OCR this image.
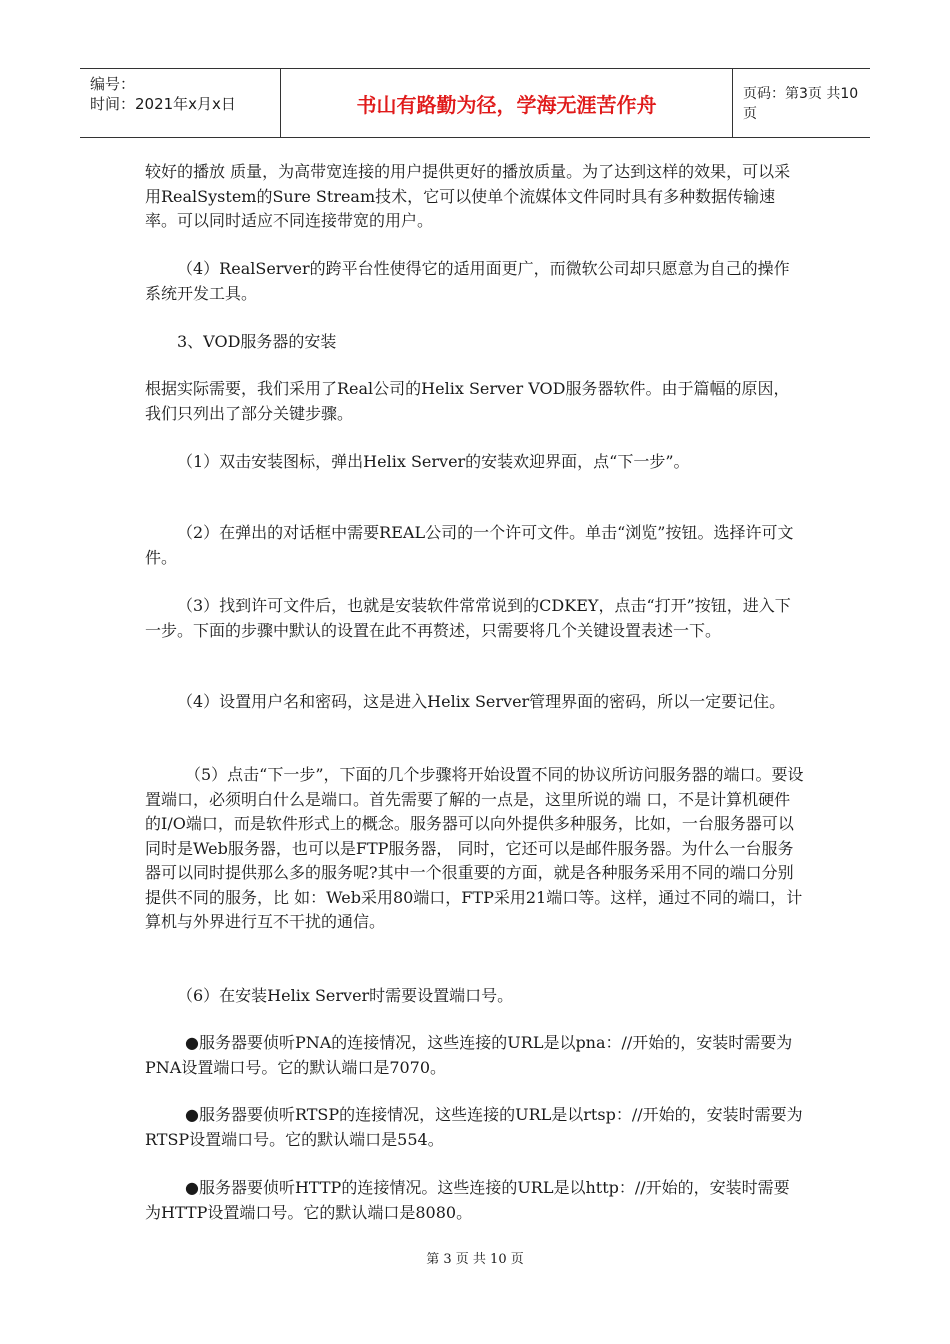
编号：
时间：2021年x月x日	书山有路勤为径，学海无涯苦作舟	页码：第3页 共10页

较好的播放 质量，为高带宽连接的用户提供更好的播放质量。为了达到这样的效果，可以采用RealSystem的Sure Stream技术，它可以使单个流媒体文件同时具有多种数据传输速率。可以同时适应不同连接带宽的用户。

（4）RealServer的跨平台性使得它的适用面更广，而微软公司却只愿意为自己的操作系统开发工具。

3、VOD服务器的安装

根据实际需要，我们采用了Real公司的Helix Server VOD服务器软件。由于篇幅的原因，我们只列出了部分关键步骤。

（1）双击安装图标，弹出Helix Server的安装欢迎界面，点“下一步”。

（2）在弹出的对话框中需要REAL公司的一个许可文件。单击“浏览”按钮。选择许可文件。

（3）找到许可文件后，也就是安装软件常常说到的CDKEY，点击“打开”按钮，进入下一步。下面的步骤中默认的设置在此不再赘述，只需要将几个关键设置表述一下。

（4）设置用户名和密码，这是进入Helix Server管理界面的密码，所以一定要记住。

（5）点击“下一步”，下面的几个步骤将开始设置不同的协议所访问服务器的端口。要设置端口，必须明白什么是端口。首先需要了解的一点是，这里所说的端 口，不是计算机硬件的I/O端口，而是软件形式上的概念。服务器可以向外提供多种服务，比如，一台服务器可以同时是Web服务器，也可以是FTP服务器， 同时，它还可以是邮件服务器。为什么一台服务器可以同时提供那么多的服务呢?其中一个很重要的方面，就是各种服务采用不同的端口分别提供不同的服务，比 如：Web采用80端口，FTP采用21端口等。这样，通过不同的端口，计算机与外界进行互不干扰的通信。

（6）在安装Helix Server时需要设置端口号。

●服务器要侦听PNA的连接情况，这些连接的URL是以pna：//开始的，安装时需要为PNA设置端口号。它的默认端口是7070。

●服务器要侦听RTSP的连接情况，这些连接的URL是以rtsp：//开始的，安装时需要为RTSP设置端口号。它的默认端口是554。

●服务器要侦听HTTP的连接情况。这些连接的URL是以http：//开始的，安装时需要为HTTP设置端口号。它的默认端口是8080。

第 3 页 共 10 页
